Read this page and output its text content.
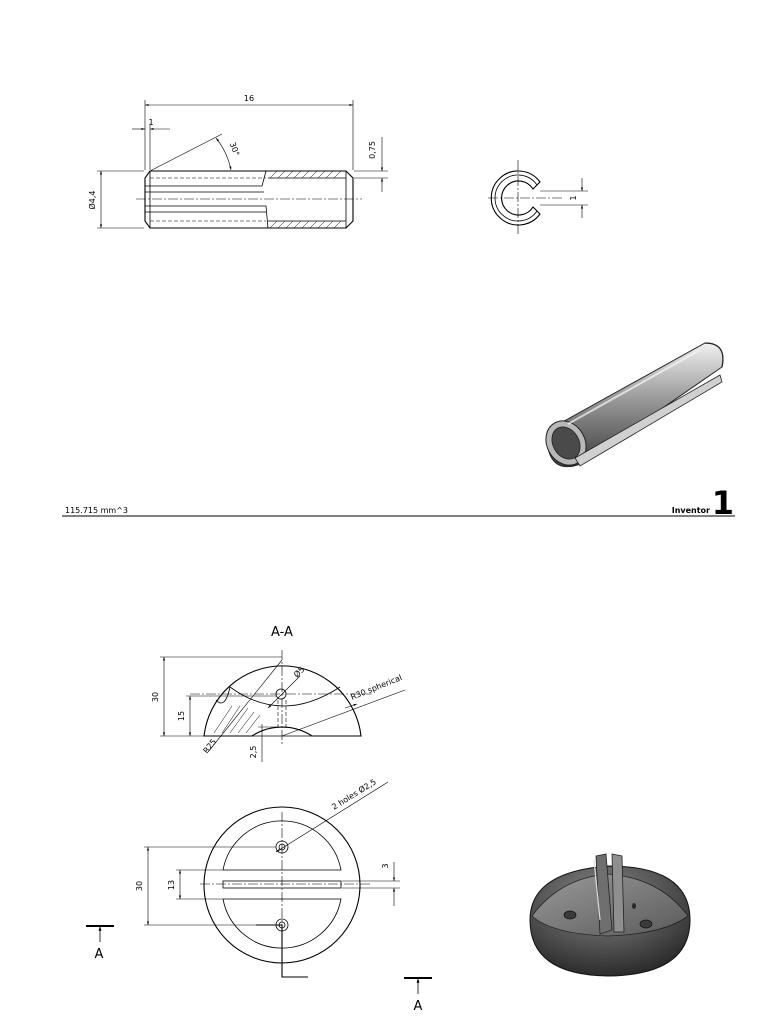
16
1
30°	0,75
Ø4,4	1
115.715 mm^3	Inventor 1
A-A
30
15
Ø5
R30 spherical
R25	2,5
2 holes Ø2,5
30	13
3
A
A
